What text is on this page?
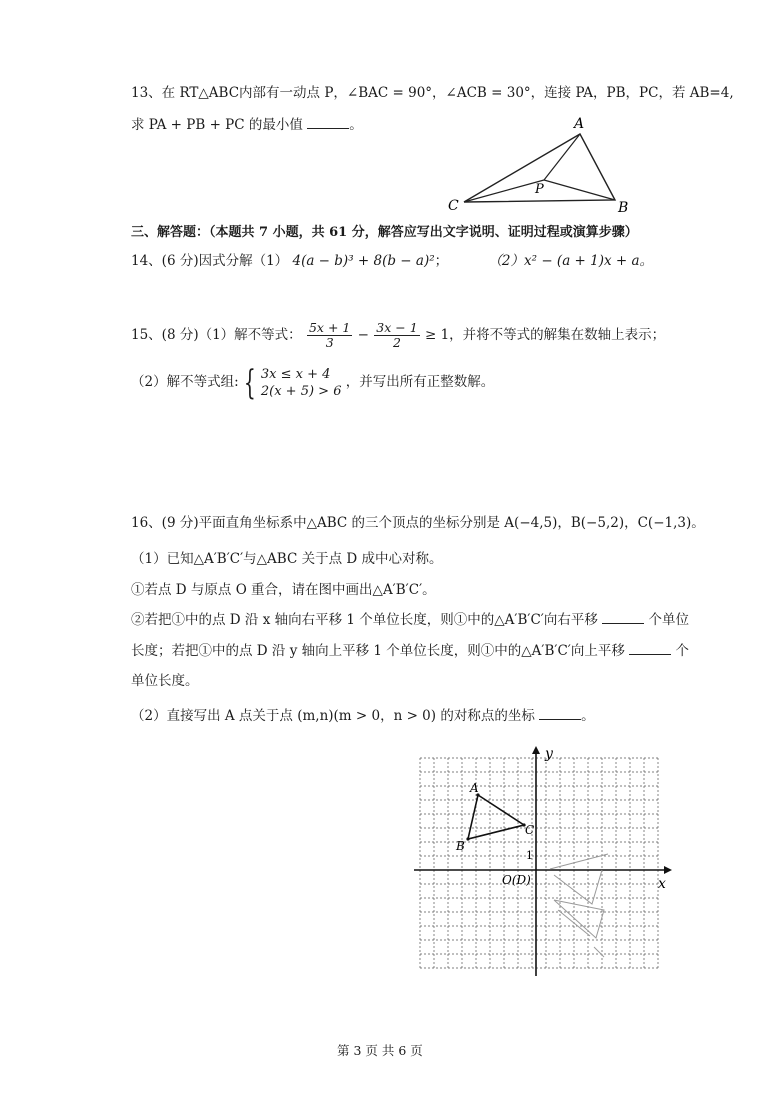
13、在 RT△ABC内部有一动点 P，∠BAC = 90°，∠ACB = 30°，连接 PA，PB，PC，若 AB=4,
求 PA + PB + PC 的最小值	。	A
B
C
P
三、解答题：（本题共 7 小题，共 61 分，解答应写出文字说明、证明过程或演算步骤）
14、(6 分)因式分解（1） 4(a − b)³ + 8(b − a)²；	（2）x² − (a + 1)x + a。
15、(8 分)（1）解不等式： $\frac{5x + 1}{3} - \frac{3x - 1}{2} \ge 1$，并将不等式的解集在数轴上表示；
（2）解不等式组: { 3x ≤ x + 4
2(x + 5) > 6
，并写出所有正整数解。
16、(9 分)平面直角坐标系中△ABC 的三个顶点的坐标分别是 A(−4,5)，B(−5,2)，C(−1,3)。
（1）已知△A′B′C′与△ABC 关于点 D 成中心对称。
①若点 D 与原点 O 重合，请在图中画出△A′B′C′。
②若把①中的点 D 沿 x 轴向右平移 1 个单位长度，则①中的△A′B′C′向右平移	个单位
长度；若把①中的点 D 沿 y 轴向上平移 1 个单位长度，则①中的△A′B′C′向上平移	个
单位长度。
（2）直接写出 A 点关于点 (m,n)(m > 0，n > 0) 的对称点的坐标	。
x
y
O(D)
1
A
B
C
第 3 页 共 6 页
